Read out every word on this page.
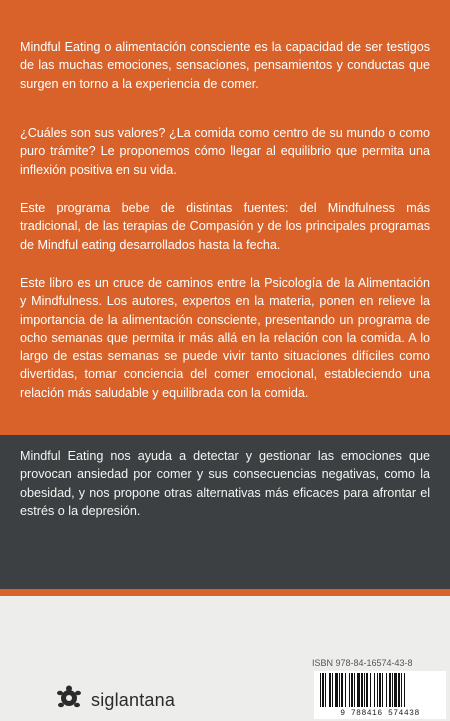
Mindful Eating o alimentación consciente es la capacidad de ser testigos de las muchas emociones, sensaciones, pensamientos y conductas que surgen en torno a la experiencia de comer.

¿Cuáles son sus valores? ¿La comida como centro de su mundo o como puro trámite? Le proponemos cómo llegar al equilibrio que permita una inflexión positiva en su vida.

Este programa bebe de distintas fuentes: del Mindfulness más tradicional, de las terapias de Compasión y de los principales programas de Mindful eating desarrollados hasta la fecha.

Este libro es un cruce de caminos entre la Psicología de la Alimentación y Mindfulness. Los autores, expertos en la materia, ponen en relieve la importancia de la alimentación consciente, presentando un programa de ocho semanas que permita ir más allá en la relación con la comida. A lo largo de estas semanas se puede vivir tanto situaciones difíciles como divertidas, tomar conciencia del comer emocional, estableciendo una relación más saludable y equilibrada con la comida.

Mindful Eating nos ayuda a detectar y gestionar las emociones que provocan ansiedad por comer y sus consecuencias negativas, como la obesidad, y nos propone otras alternativas más eficaces para afrontar el estrés o la depresión.

siglantana
ISBN 978-84-16574-43-8
9 788416 574438
